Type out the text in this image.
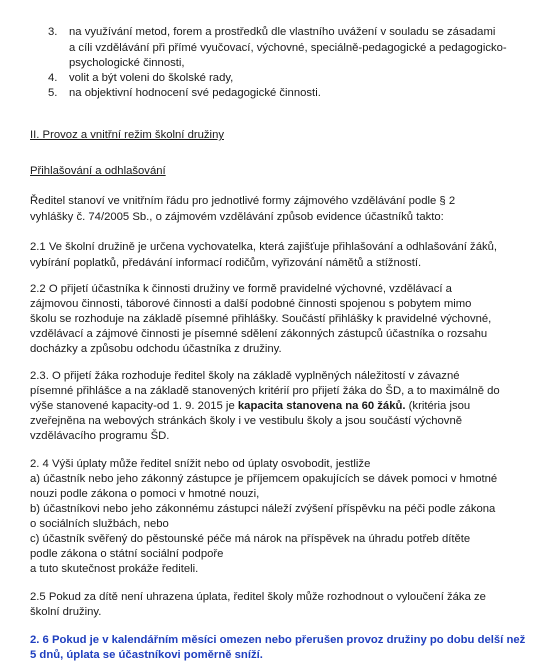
3. na využívání metod, forem a prostředků dle vlastního uvážení v souladu se zásadami
a cíli vzdělávání při přímé vyučovací, výchovné, speciálně-pedagogické a pedagogicko-
psychologické činnosti,
4. volit a být voleni do školské rady,
5. na objektivní hodnocení své pedagogické činnosti.
II. Provoz a vnitřní režim školní družiny
Přihlašování a odhlašování
Ředitel stanoví ve vnitřním řádu pro jednotlivé formy zájmového vzdělávání podle § 2
vyhlášky č. 74/2005 Sb., o zájmovém vzdělávání způsob evidence účastníků takto:
2.1 Ve školní družině je určena vychovatelka, která zajišťuje přihlašování a odhlašování žáků,
vybírání poplatků, předávání informací rodičům, vyřizování námětů a stížností.
2.2 O přijetí účastníka k činnosti družiny ve formě pravidelné výchovné, vzdělávací a
zájmovou činnosti, táborové činnosti a další podobné činnosti spojenou s pobytem mimo
školu se rozhoduje na základě písemné přihlášky. Součástí přihlášky k pravidelné výchovné,
vzdělávací a zájmové činnosti je písemné sdělení zákonných zástupců účastníka o rozsahu
docházky a způsobu odchodu účastníka z družiny.
2.3. O přijetí žáka rozhoduje ředitel školy na základě vyplněných náležitostí v závazné
písemné přihlášce a na základě stanovených kritérií pro přijetí žáka do ŠD, a to maximálně do
výše stanovené kapacity-od 1. 9. 2015 je kapacita stanovena na 60 žáků. (kritéria jsou
zveřejněna na webových stránkách školy i ve vestibulu školy a jsou součástí výchovně
vzdělávacího programu ŠD.
2. 4 Výši úplaty může ředitel snížit nebo od úplaty osvobodit, jestliže
a) účastník nebo jeho zákonný zástupce je příjemcem opakujících se dávek pomoci v hmotné
nouzi podle zákona o pomoci v hmotné nouzi,
b) účastníkovi nebo jeho zákonnému zástupci náleží zvýšení příspěvku na péči podle zákona
o sociálních službách, nebo
c) účastník svěřený do pěstounské péče má nárok na příspěvek na úhradu potřeb dítěte
podle zákona o státní sociální podpoře
a tuto skutečnost prokáže řediteli.
2.5 Pokud za dítě není uhrazena úplata, ředitel školy může rozhodnout o vyloučení žáka ze
školní družiny.
2. 6 Pokud je v kalendářním měsíci omezen nebo přerušen provoz družiny po dobu delší než
5 dnů, úplata se účastníkovi poměrně sníží.
